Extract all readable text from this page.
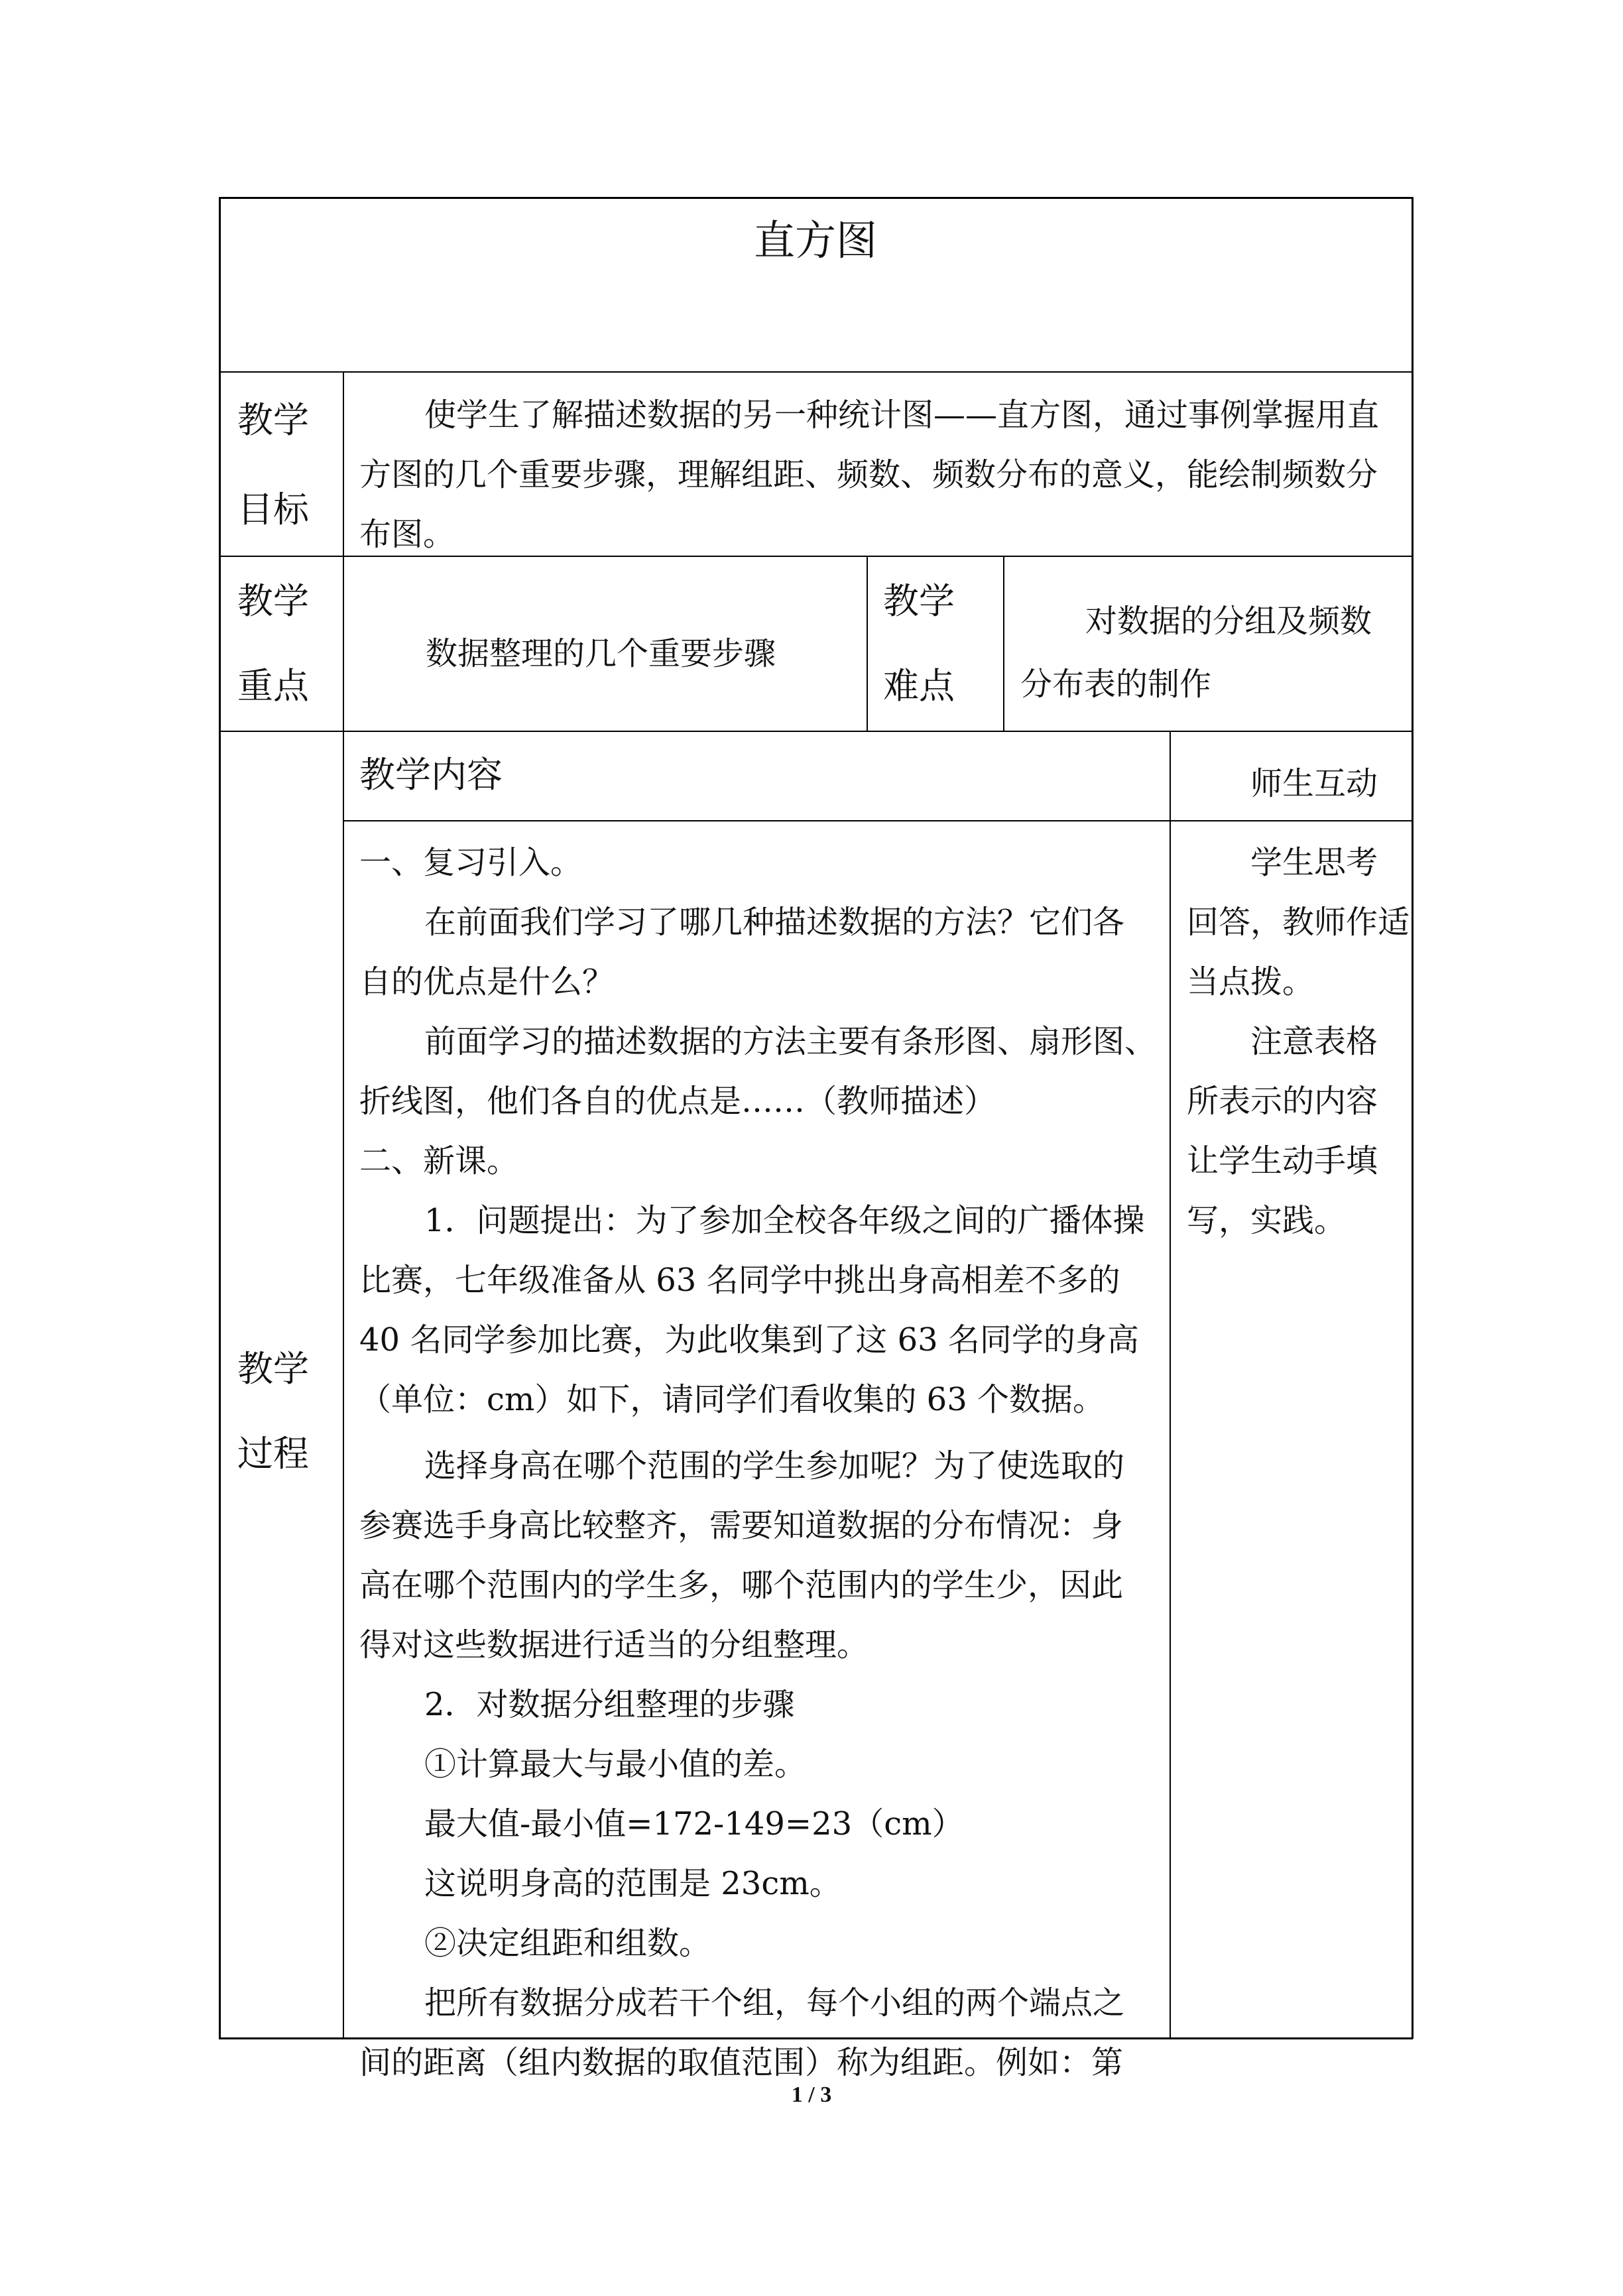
直方图
教学
目标
使学生了解描述数据的另一种统计图——直方图，通过事例掌握用直
方图的几个重要步骤，理解组距、频数、频数分布的意义，能绘制频数分
布图。
教学
重点
数据整理的几个重要步骤
教学
难点
对数据的分组及频数
分布表的制作
教学
过程
教学内容	师生互动
一、复习引入。
在前面我们学习了哪几种描述数据的方法？它们各
自的优点是什么？
前面学习的描述数据的方法主要有条形图、扇形图、
折线图，他们各自的优点是……（教师描述）
二、新课。
1．问题提出：为了参加全校各年级之间的广播体操
比赛，七年级准备从 63 名同学中挑出身高相差不多的
40 名同学参加比赛，为此收集到了这 63 名同学的身高
（单位：cm）如下，请同学们看收集的 63 个数据。
选择身高在哪个范围的学生参加呢？为了使选取的
参赛选手身高比较整齐，需要知道数据的分布情况：身
高在哪个范围内的学生多，哪个范围内的学生少，因此
得对这些数据进行适当的分组整理。
2．对数据分组整理的步骤
①计算最大与最小值的差。
最大值-最小值=172-149=23（cm）
这说明身高的范围是 23cm。
②决定组距和组数。
把所有数据分成若干个组，每个小组的两个端点之
间的距离（组内数据的取值范围）称为组距。例如：第
学生思考
回答，教师作适
当点拨。
注意表格
所表示的内容
让学生动手填
写，实践。
1 / 3
